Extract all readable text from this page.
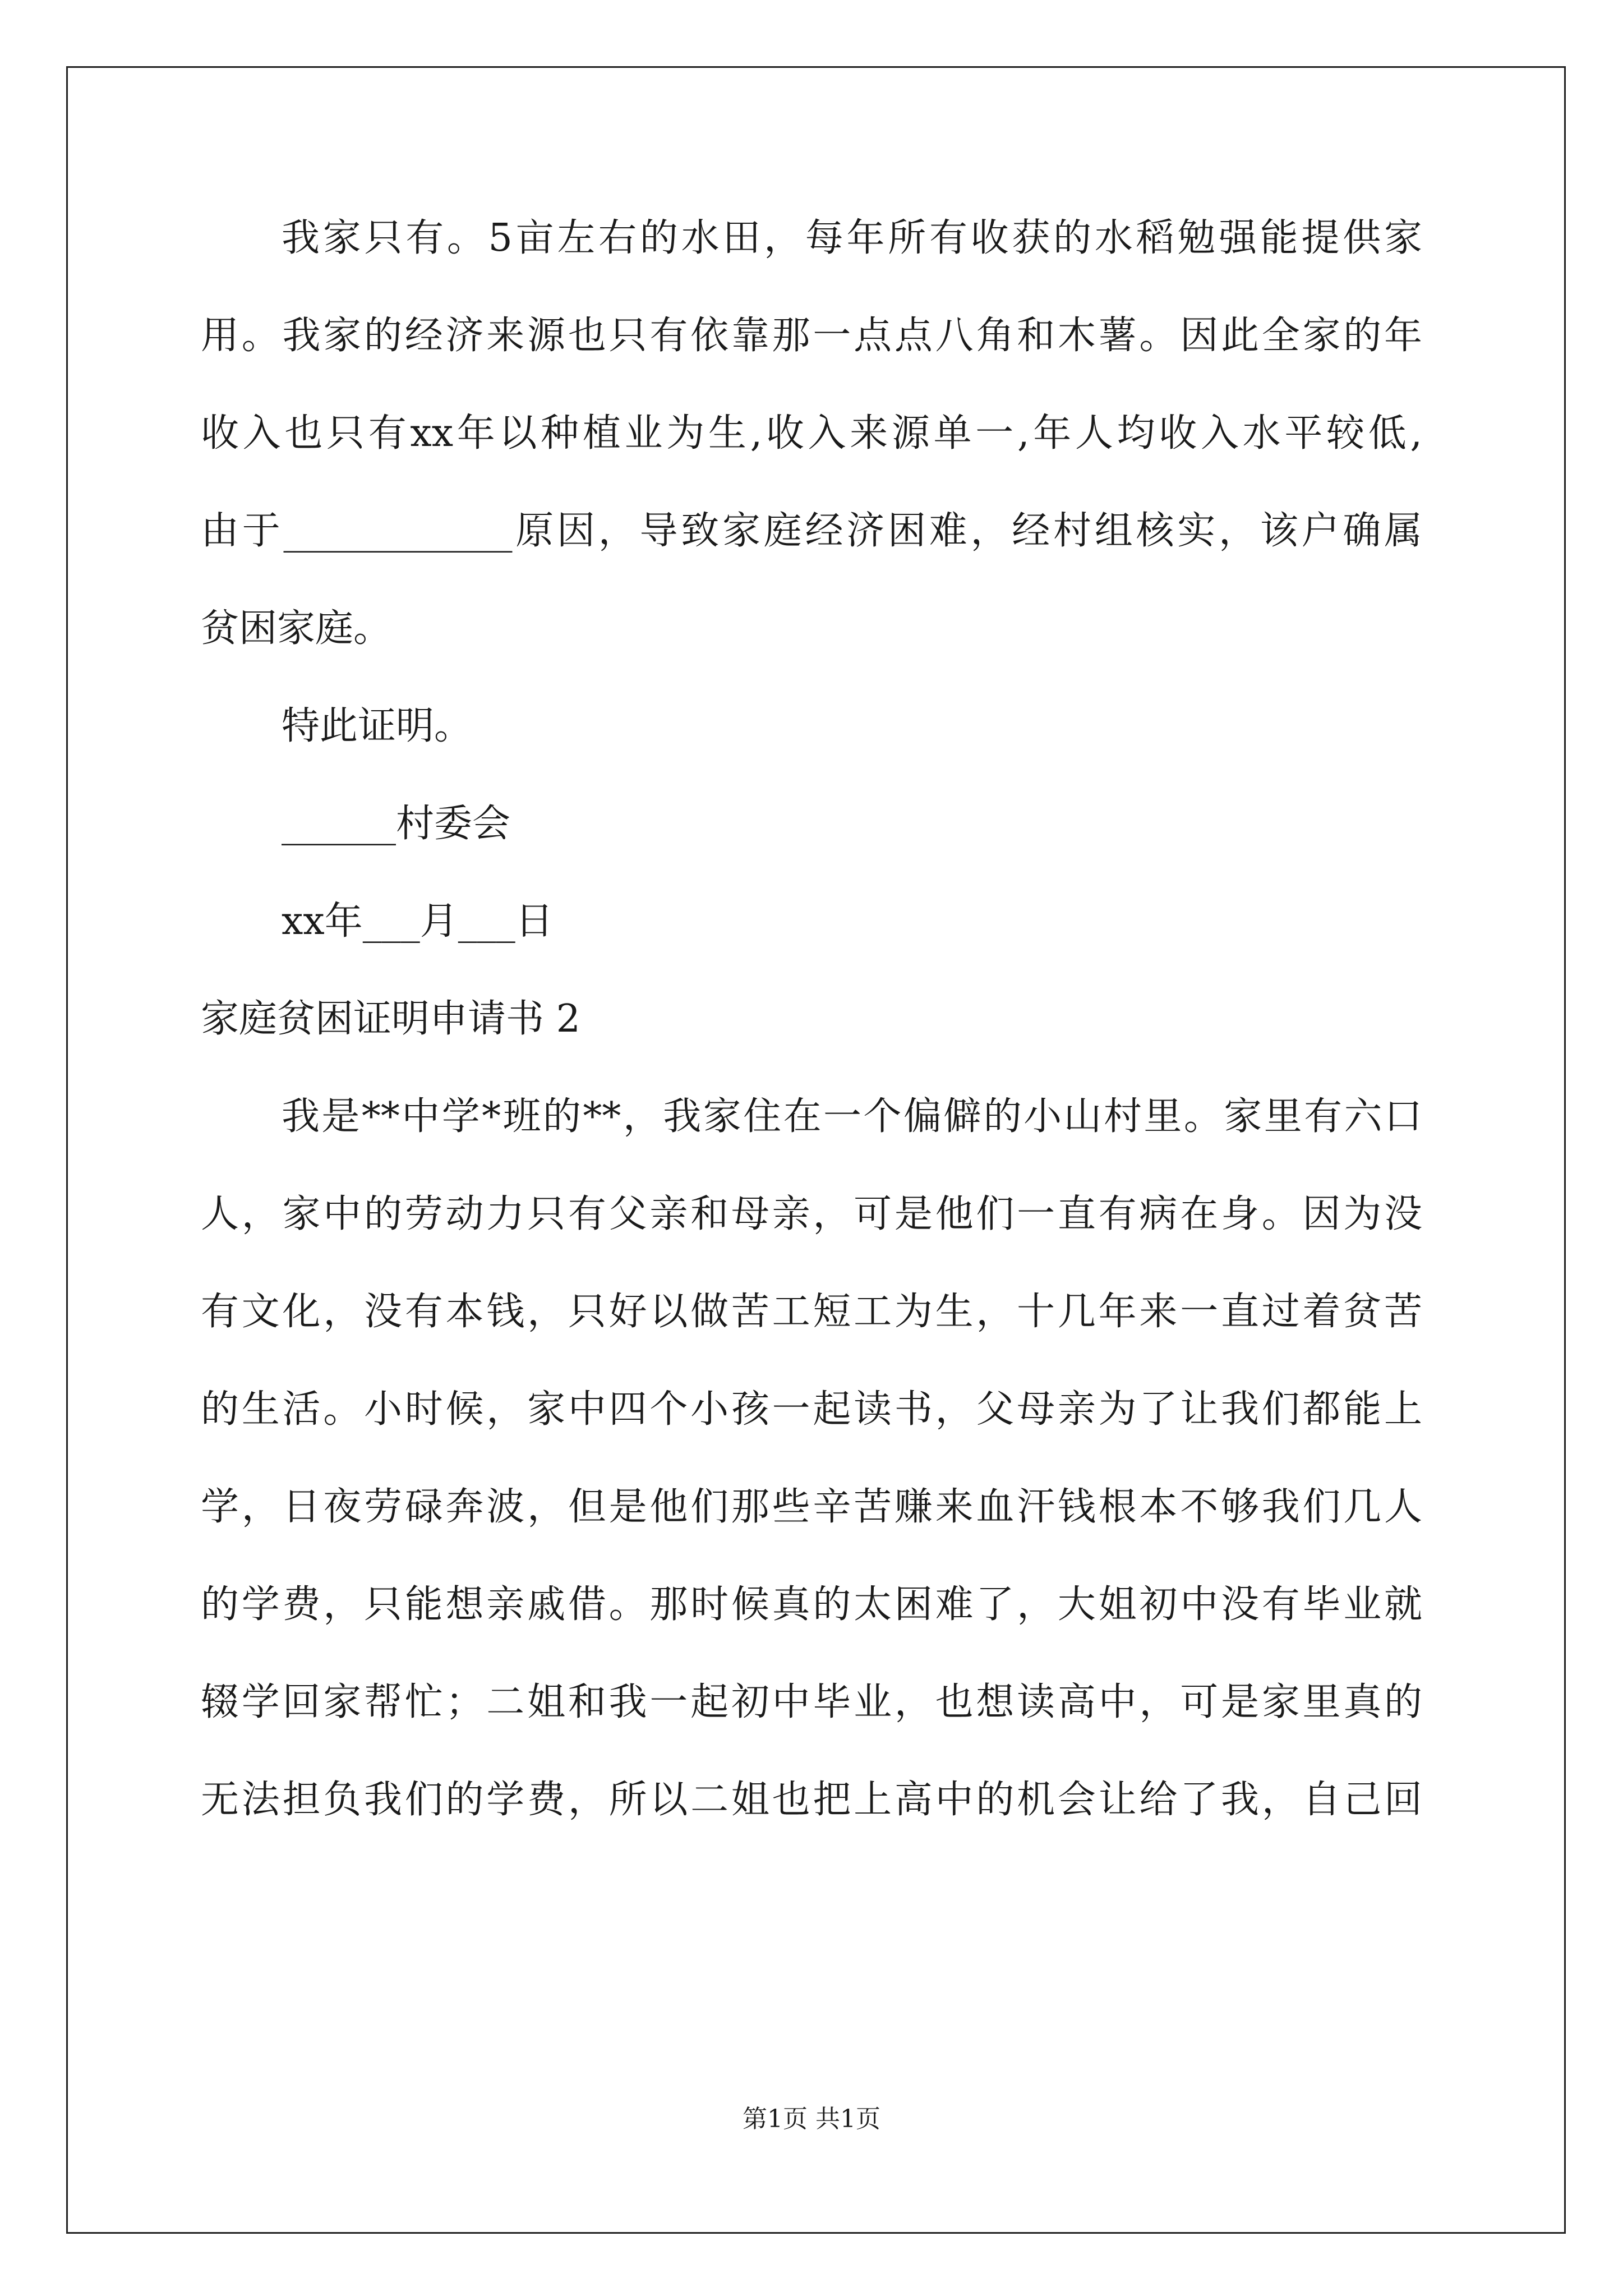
我家只有。5亩左右的水田，每年所有收获的水稻勉强能提供家
用。我家的经济来源也只有依靠那一点点八角和木薯。因此全家的年
收入也只有xx年以种植业为生,收入来源单一,年人均收入水平较低,
由于____________原因，导致家庭经济困难，经村组核实，该户确属
贫困家庭。
特此证明。
______村委会
xx年___月___日
家庭贫困证明申请书 2
我是**中学*班的**，我家住在一个偏僻的小山村里。家里有六口
人，家中的劳动力只有父亲和母亲，可是他们一直有病在身。因为没
有文化，没有本钱，只好以做苦工短工为生，十几年来一直过着贫苦
的生活。小时候，家中四个小孩一起读书，父母亲为了让我们都能上
学，日夜劳碌奔波，但是他们那些辛苦赚来血汗钱根本不够我们几人
的学费，只能想亲戚借。那时候真的太困难了，大姐初中没有毕业就
辍学回家帮忙；二姐和我一起初中毕业，也想读高中，可是家里真的
无法担负我们的学费，所以二姐也把上高中的机会让给了我，自己回
第1页 共1页
